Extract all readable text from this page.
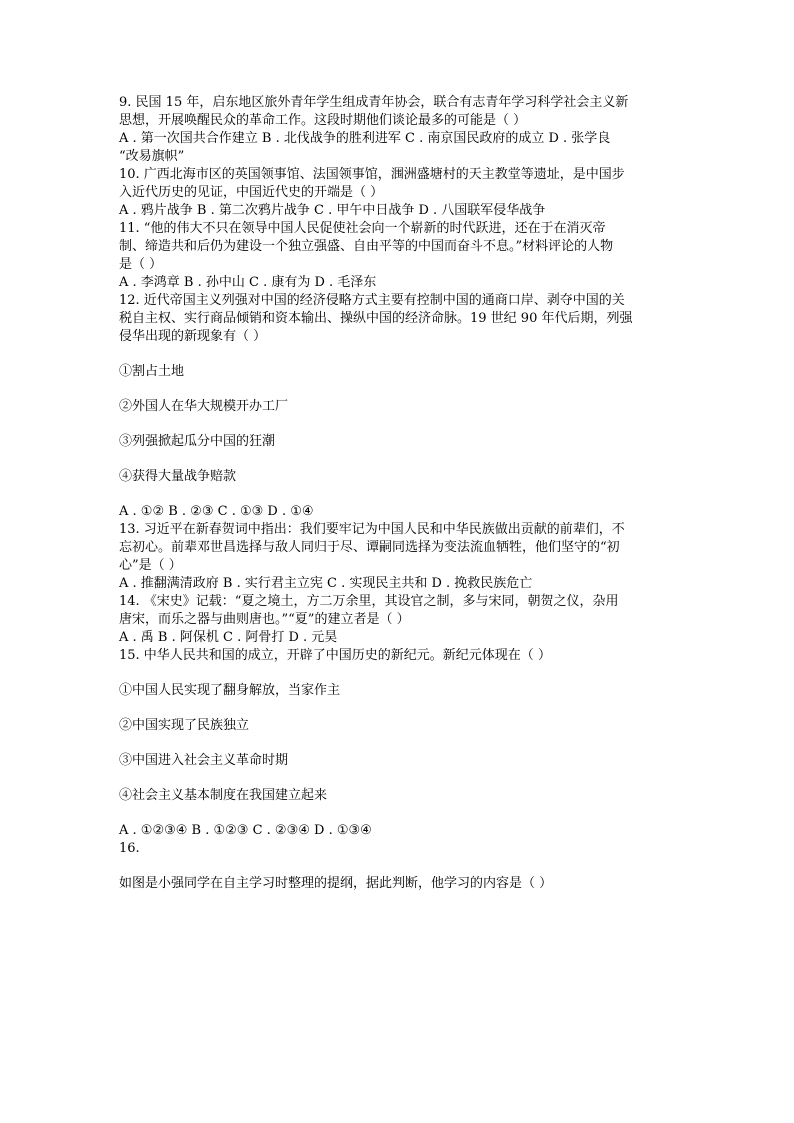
9. 民国 15 年，启东地区旅外青年学生组成青年协会，联合有志青年学习科学社会主义新
思想，开展唤醒民众的革命工作。这段时期他们谈论最多的可能是（ ）
A . 第一次国共合作建立 B . 北伐战争的胜利进军 C . 南京国民政府的成立 D . 张学良
“改易旗帜”
10. 广西北海市区的英国领事馆、法国领事馆，涠洲盛塘村的天主教堂等遗址，是中国步
入近代历史的见证，中国近代史的开端是（ ）
A . 鸦片战争 B . 第二次鸦片战争 C . 甲午中日战争 D . 八国联军侵华战争
11. “他的伟大不只在领导中国人民促使社会向一个崭新的时代跃进，还在于在消灭帝
制、缔造共和后仍为建设一个独立强盛、自由平等的中国而奋斗不息。”材料评论的人物
是（ ）
A . 李鸿章 B . 孙中山 C . 康有为 D . 毛泽东
12. 近代帝国主义列强对中国的经济侵略方式主要有控制中国的通商口岸、剥夺中国的关
税自主权、实行商品倾销和资本输出、操纵中国的经济命脉。19 世纪 90 年代后期，列强
侵华出现的新现象有（ ）
①割占土地
②外国人在华大规模开办工厂
③列强掀起瓜分中国的狂潮
④获得大量战争赔款
A . ①② B . ②③ C . ①③ D . ①④
13. 习近平在新春贺词中指出：我们要牢记为中国人民和中华民族做出贡献的前辈们，不
忘初心。前辈邓世昌选择与敌人同归于尽、谭嗣同选择为变法流血牺牲，他们坚守的“初
心”是（ ）
A . 推翻满清政府 B . 实行君主立宪 C . 实现民主共和 D . 挽救民族危亡
14. 《宋史》记载：“夏之境土，方二万余里，其设官之制，多与宋同，朝贺之仪，杂用
唐宋，而乐之器与曲则唐也。”“夏”的建立者是（ ）
A . 禹 B . 阿保机 C . 阿骨打 D . 元昊
15. 中华人民共和国的成立，开辟了中国历史的新纪元。新纪元体现在（ ）
①中国人民实现了翻身解放，当家作主
②中国实现了民族独立
③中国进入社会主义革命时期
④社会主义基本制度在我国建立起来
A . ①②③④ B . ①②③ C . ②③④ D . ①③④
16.
如图是小强同学在自主学习时整理的提纲，据此判断，他学习的内容是（ ）
